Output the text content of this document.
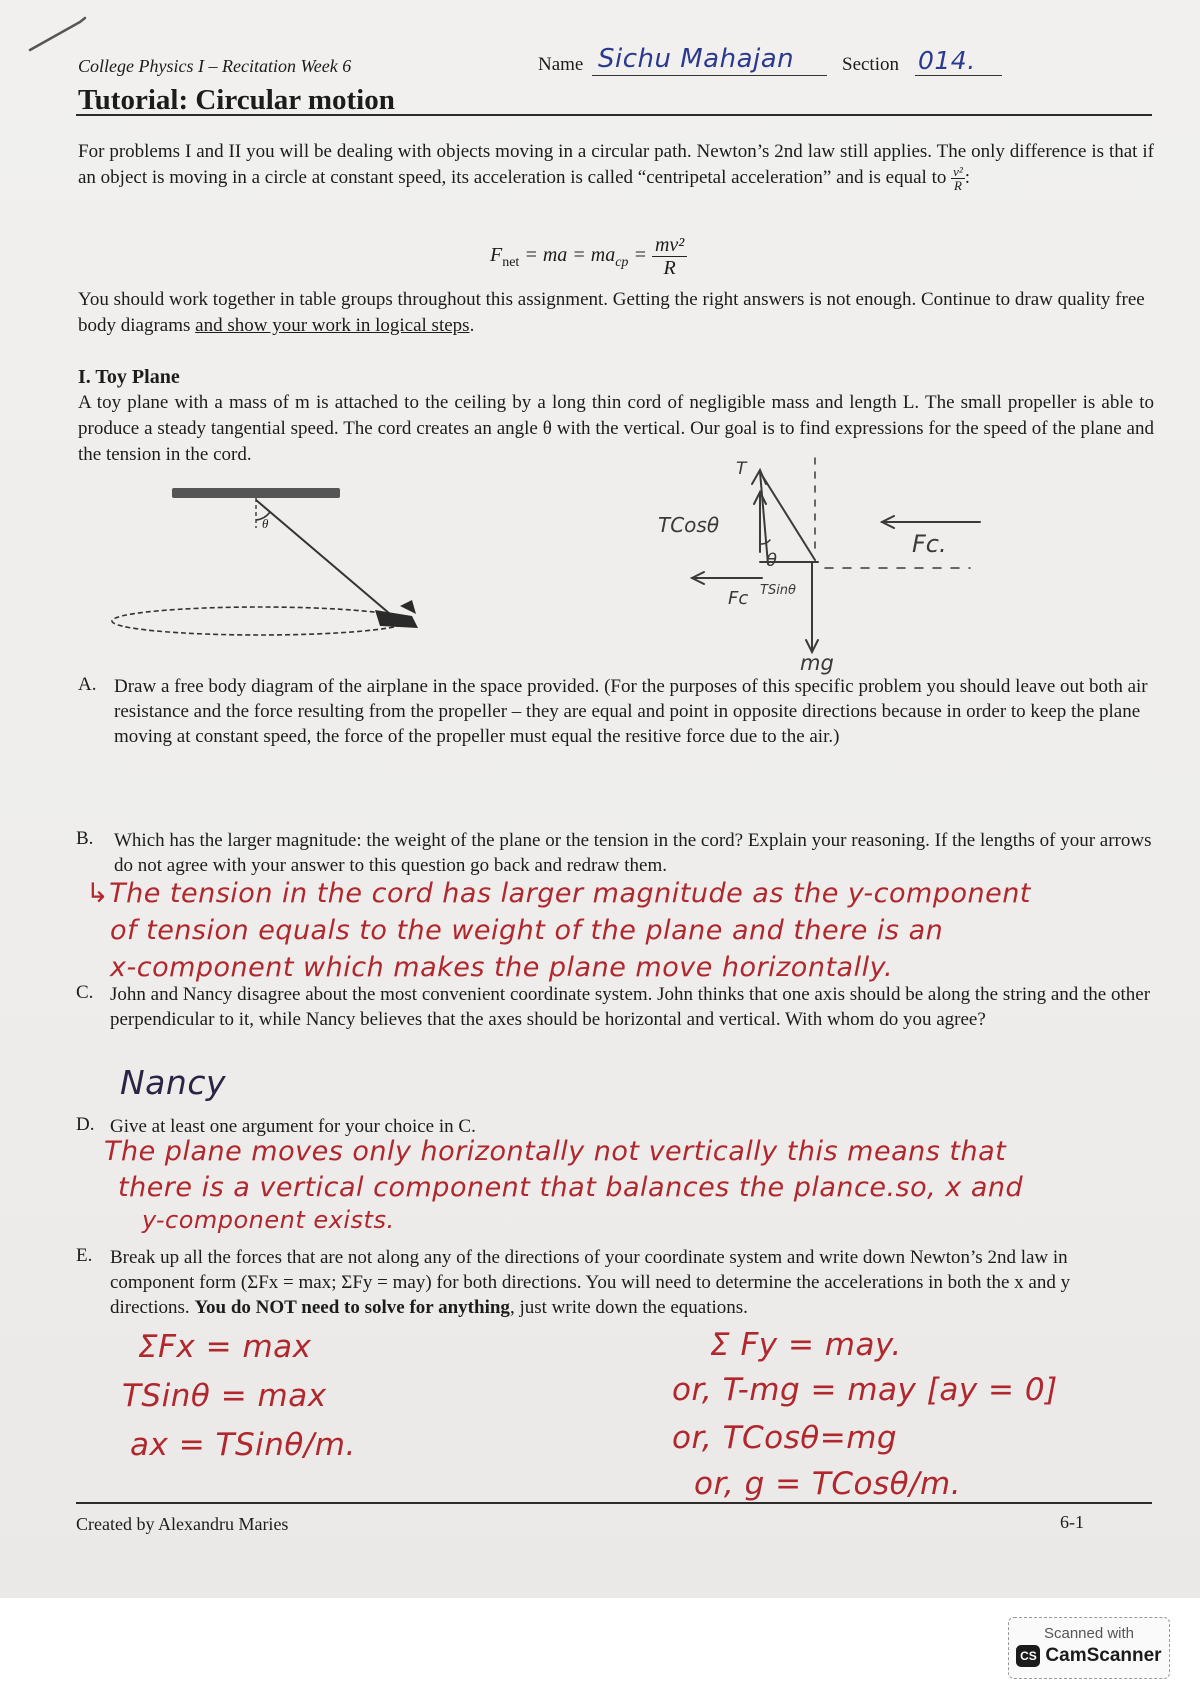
College Physics I – Recitation Week 6
Tutorial: Circular motion
Name Sichu Mahajan	Section 014.
For problems I and II you will be dealing with objects moving in a circular path. Newton’s 2nd law still applies. The only difference is that if an object is moving in a circle at constant speed, its acceleration is called “centripetal acceleration” and is equal to $\frac{\text{v²}}{R}$ :
$F_{net}$ = ma = $ma_{cp} = \frac{\text{mv²}}{R}$
You should work together in table groups throughout this assignment. Getting the right answers is not enough. Continue to draw quality free body diagrams and show your work in logical steps.
I. Toy Plane
A toy plane with a mass of m is attached to the ceiling by a long thin cord of negligible mass and length L. The small propeller is able to produce a steady tangential speed. The cord creates an angle θ with the vertical. Our goal is to find expressions for the speed of the plane and the tension in the cord.
θ
T
TCosθ
θ
TSinθ
Fc
mg
Fc.
A. Draw a free body diagram of the airplane in the space provided. (For the purposes of this specific problem you should leave out both air resistance and the force resulting from the propeller – they are equal and point in opposite directions because in order to keep the plane moving at constant speed, the force of the propeller must equal the resitive force due to the air.)
B. Which has the larger magnitude: the weight of the plane or the tension in the cord? Explain your reasoning. If the lengths of your arrows do not agree with your answer to this question go back and redraw them.
↳The tension in the cord has larger magnitude as the y-component
of tension equals to the weight of the plane and there is an
x-component which makes the plane move horizontally.
C. John and Nancy disagree about the most convenient coordinate system. John thinks that one axis should be along the string and the other perpendicular to it, while Nancy believes that the axes should be horizontal and vertical. With whom do you agree?
Nancy
D. Give at least one argument for your choice in C.
The plane moves only horizontally not vertically this means that
there is a vertical component that balances the plance.so, x and
y-component exists.
E. Break up all the forces that are not along any of the directions of your coordinate system and write down Newton’s 2nd law in component form (ΣFx = max; ΣFy = may) for both directions. You will need to determine the accelerations in both the x and y directions. You do NOT need to solve for anything, just write down the equations.
ΣFx = max
TSinθ = max
ax = TSinθ/m.
Σ Fy = may.
or, T-mg = may [ay = 0]
or, TCosθ=mg
or, g = TCosθ/m.
Created by Alexandru Maries	6-1
Scanned with
CS CamScanner
